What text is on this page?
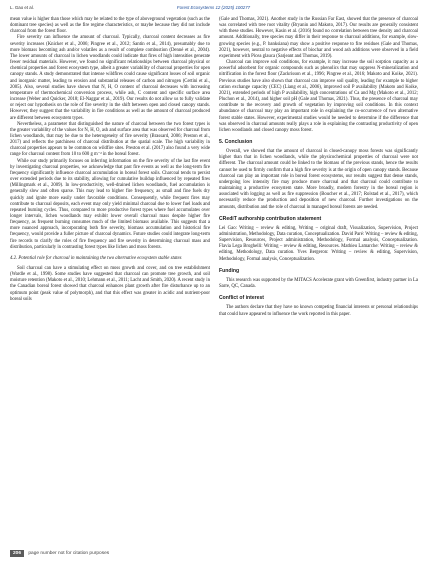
L. Gao et al.	Forest Ecosystems 12 (2025) 100277

mean value is higher than those which may be related to the type of aboveground vegetation (such as the dominant tree species) as well as the fire regime characteristics, or maybe because they did not include charcoal from the forest floor.

Fire severity can influence the amount of charcoal. Typically, charcoal content decreases as fire severity increases (Knicker et al., 2006; Pingree et al., 2012; Santin et al., 2014), presumably due to more biomass becoming ash and/or volatiles as a result of complete combustion (Denné et al., 2004). The lower amounts of charcoal in lichen woodlands could indicate that fires of high intensities generate fewer residual materials. However, we found no significant relationships between charcoal physical or chemical properties and forest ecosystem type, albeit a greater variability of charcoal properties for open canopy stands. A study demonstrated that intense wildfires could cause significant losses of soil organic and inorganic matter, leading to erosion and substantial releases of carbon and nitrogen (Certini et al., 2005). Also, several studies have shown that N, H, O content of charcoal decreases with increasing temperature of thermochemical conversion process, while ash, C content and specific surface area increase (Weber and Quicker, 2018; El-Naggar et al., 2019). Our results do not allow us to fully validate or reject our hypothesis on the role of fire severity in the shift between open and closed canopy stands. However, they suggest that the variability in fire conditions as well as the amount of charcoal produced are different between ecosystem types.

Nevertheless, a parameter that distinguished the nature of charcoal between the two forest types is the greater variability of the values for N, H, O, ash and surface area that was observed for charcoal from lichen woodlands, that may be due to the heterogeneity of fire severity (Brassard, 2006; Preston et al., 2017) and reflects the patchiness of charcoal distribution at the spatial scale. The high variability in charcoal properties appears to be common on wildfire sites. Preston et al. (2017) also found a very wide range for charcoal content from 10 to 600 g m⁻² in the boreal forest.

While our study primarily focuses on inferring information on the fire severity of the last fire event by investigating charcoal properties, we acknowledge that past fire events as well as the long-term fire frequency significantly influence charcoal accumulation in boreal forest soils. Charcoal tends to persist over extended periods due to its stability, allowing for cumulative buildup influenced by repeated fires (Millingmark et al., 2009). In low-productivity, well-drained lichen woodlands, fuel accumulation is generally slow and often sparse. This may lead to higher fire frequency, as small and fine fuels dry quickly and ignite more easily under favorable conditions. Consequently, while frequent fires may contribute to charcoal deposits, each event may only yield minimal charcoal due to lower fuel loads and repeated burning cycles. Thus, compared to more productive forest types where fuel accumulates over longer intervals, lichen woodlands may exhibit lower overall charcoal mass despite higher fire frequency, as frequent burning consumes much of the limited biomass available. This suggests that a more nuanced approach, incorporating both fire severity, biomass accumulation and historical fire frequency, would provide a fuller picture of charcoal dynamics. Future studies could integrate long-term fire records to clarify the roles of fire frequency and fire severity in determining charcoal mass and distribution, particularly in contrasting forest types like lichen and moss forests.

4.2. Potential role for charcoal in maintaining the two alternative ecosystem stable states

Soil charcoal can have a stimulating effect on moss growth and cover, and on tree establishment (Wardle et al., 1998). Some studies have suggested that charcoal can promote tree growth, and soil moisture retention (Makoto et al., 2010; Lehmann et al., 2011; Lacht and Smith, 2020). A recent study in the Canadian boreal forest showed that charcoal enhances plant growth after fire disturbance up to an optimum point (peak value of polymorph), and that this effect was greater in acidic and nutrient-poor boreal soils

(Gale and Thomas, 2021). Another study in the Russian Far East, showed that the presence of charcoal was correlated with tree root vitality (Bryanin and Makoto, 2017). Our results are generally consistent with these studies. However, Kasin et al. (2016) found no correlation between tree density and charcoal amount. Additionally, tree species may differ in their response to charcoal additions, for example, slow-growing species (e.g., P. banksiana) may show a positive response to fire residues (Gale and Thomas, 2021), however, neutral to negative effects of biochar and wood ash additions were observed in a field experiment with Picea glauca (Sarjeant and Thomas, 2019).

Charcoal can improve soil conditions, for example, it may increase the soil sorption capacity as a powerful adsorbent for organic compounds such as phenolics that may suppress N-mineralization and nitrification in the forest floor (Zackrisson et al., 1996; Pingree et al., 2016; Makoto and Koike, 2021). Previous studies have also shown that charcoal can improve soil quality, leading for example to higher cation exchange capacity (CEC) (Liang et al., 2006), improved soil P availability (Makoto and Koike, 2021), extended periods of high P availability, high concentrations of Ca and Mg (Makoto et al., 2012; Pluchon et al., 2014), and higher soil pH (Gale and Thomas, 2021). Thus, the presence of charcoal may contribute to the recovery and growth of vegetation by improving soil conditions. In this context abundance of charcoal may play an important role in explaining the co-occurrence of two alternative forest stable states. However, experimental studies would be needed to determine if the difference that was observed in charcoal amounts really plays a role in explaining the contrasting productivity of open lichen woodlands and closed canopy moss forest.

5. Conclusion

Overall, we showed that the amount of charcoal in closed-canopy moss forests was significantly higher than that in lichen woodlands, while the physicochemical properties of charcoal were not different. The charcoal amount could be linked to the biomass of the previous stands, hence the results cannot be used to firmly confirm that a high fire severity is at the origin of open canopy stands. Because charcoal can play an important role in boreal forest ecosystems, our results suggest that dense stands, undergoing low intensity fire may produce more charcoal and that charcoal could contribute to maintaining a productive ecosystem state. More broadly, modern forestry in the boreal region is associated with logging as well as fire suppression (Boucher et al., 2017; Rolstad et al., 2017), which necessarily reduce the production and deposition of new charcoal. Further investigations on the amounts, distribution and the role of charcoal in managed boreal forests are needed.

CRediT authorship contribution statement

Lei Gao: Writing – review & editing, Writing – original draft, Visualization, Supervision, Project administration, Methodology, Data curation, Conceptualization. David Paré: Writing – review & editing, Supervision, Resources, Project administration, Methodology, Formal analysis, Conceptualization. Flavia Lega Broghelli: Writing – review & editing, Resources. Mathieu Lamarche: Writing – review & editing, Methodology, Data curation. Yves Bergeron: Writing – review & editing, Supervision, Methodology, Formal analysis, Conceptualization.

Funding

This research was supported by the MITACS Accelerate grant with Greenfirst, industry partner in La Sarre, QC, Canada.

Conflict of interest

The authors declare that they have no known competing financial interests or personal relationships that could have appeared to influence the work reported in this paper.

206 page number not for citation purposes
